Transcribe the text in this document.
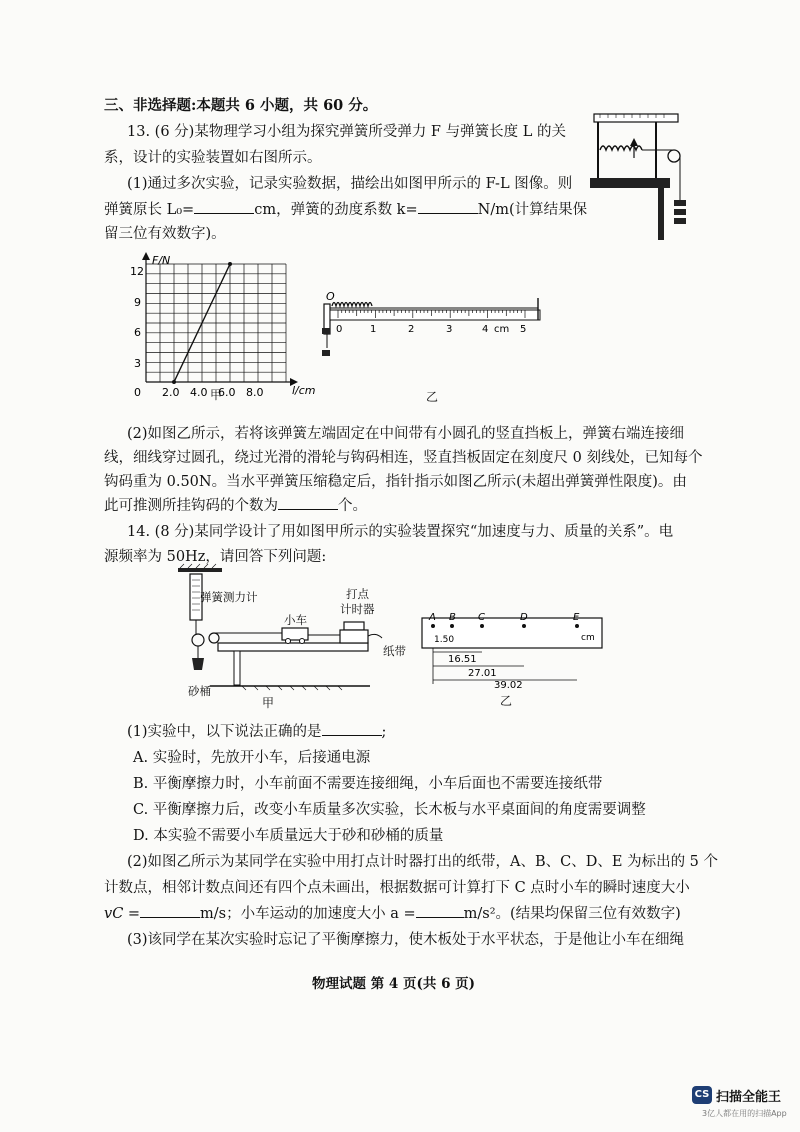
三、非选择题:本题共 6 小题，共 60 分。
13. (6 分)某物理学习小组为探究弹簧所受弹力 F 与弹簧长度 L 的关
系，设计的实验装置如右图所示。
(1)通过多次实验，记录实验数据，描绘出如图甲所示的 F-L 图像。则
弹簧原长 L₀=	cm，弹簧的劲度系数 k=	N/m(计算结果保
留三位有效数字)。
F/N
l/cm
0
12
9
6
3
2.0 4.0 6.0 8.0
甲
O
0	1	2	3	4 cm 5
乙
(2)如图乙所示，若将该弹簧左端固定在中间带有小圆孔的竖直挡板上，弹簧右端连接细
线，细线穿过圆孔，绕过光滑的滑轮与钩码相连，竖直挡板固定在刻度尺 0 刻线处，已知每个
钩码重为 0.50N。当水平弹簧压缩稳定后，指针指示如图乙所示(未超出弹簧弹性限度)。由
此可推测所挂钩码的个数为	个。
14. (8 分)某同学设计了用如图甲所示的实验装置探究“加速度与力、质量的关系”。电
源频率为 50Hz，请回答下列问题:
弹簧测力计	打点
计时器
小车
纸带
砂桶
甲
A B C	D	E
cm
1.50
16.51
27.01
39.02
乙
(1)实验中，以下说法正确的是	;
A. 实验时，先放开小车，后接通电源
B. 平衡摩擦力时，小车前面不需要连接细绳，小车后面也不需要连接纸带
C. 平衡摩擦力后，改变小车质量多次实验，长木板与水平桌面间的角度需要调整
D. 本实验不需要小车质量远大于砂和砂桶的质量
(2)如图乙所示为某同学在实验中用打点计时器打出的纸带，A、B、C、D、E 为标出的 5 个
计数点，相邻计数点间还有四个点未画出，根据数据可计算打下 C 点时小车的瞬时速度大小
vC =	m/s；小车运动的加速度大小 a =	m/s²。(结果均保留三位有效数字)
(3)该同学在某次实验时忘记了平衡摩擦力，使木板处于水平状态，于是他让小车在细绳
物理试题 第 4 页(共 6 页)
CS 扫描全能王
3亿人都在用的扫描App
